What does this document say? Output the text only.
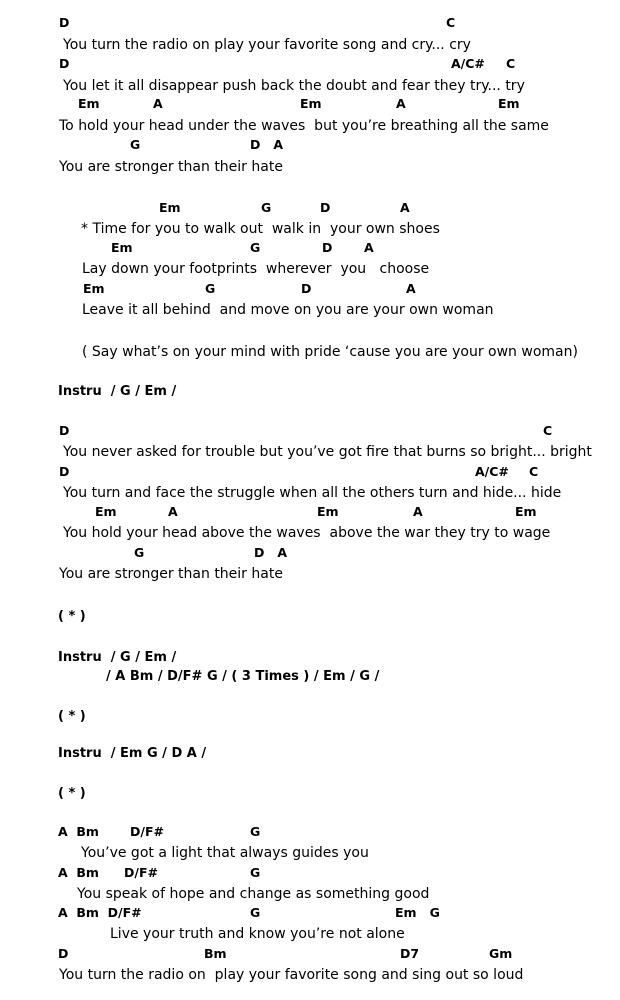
D	C
You turn the radio on play your favorite song and cry... cry
D	A/C# C
You let it all disappear push back the doubt and fear they try... try
Em	A	Em	A	Em
To hold your head under the waves  but you’re breathing all the same
G	D   A
You are stronger than their hate
Em	G	D	A
* Time for you to walk out  walk in  your own shoes
Em	G	D	A
Lay down your footprints  wherever  you   choose
Em	G	D	A
Leave it all behind  and move on you are your own woman
( Say what’s on your mind with pride ‘cause you are your own woman)
Instru  / G / Em /
D	C
You never asked for trouble but you’ve got fire that burns so bright... bright
D	A/C# C
You turn and face the struggle when all the others turn and hide... hide
Em	A	Em	A	Em
You hold your head above the waves  above the war they try to wage
G	D   A
You are stronger than their hate
( * )
Instru  / G / Em /
/ A Bm / D/F# G / ( 3 Times ) / Em / G /
( * )
Instru  / Em G / D A /
( * )
A  Bm D/F#	G
You’ve got a light that always guides you
A  Bm D/F#	G
You speak of hope and change as something good
A  Bm  D/F#	G	Em   G
Live your truth and know you’re not alone
D	Bm	D7	Gm
You turn the radio on  play your favorite song and sing out so loud
